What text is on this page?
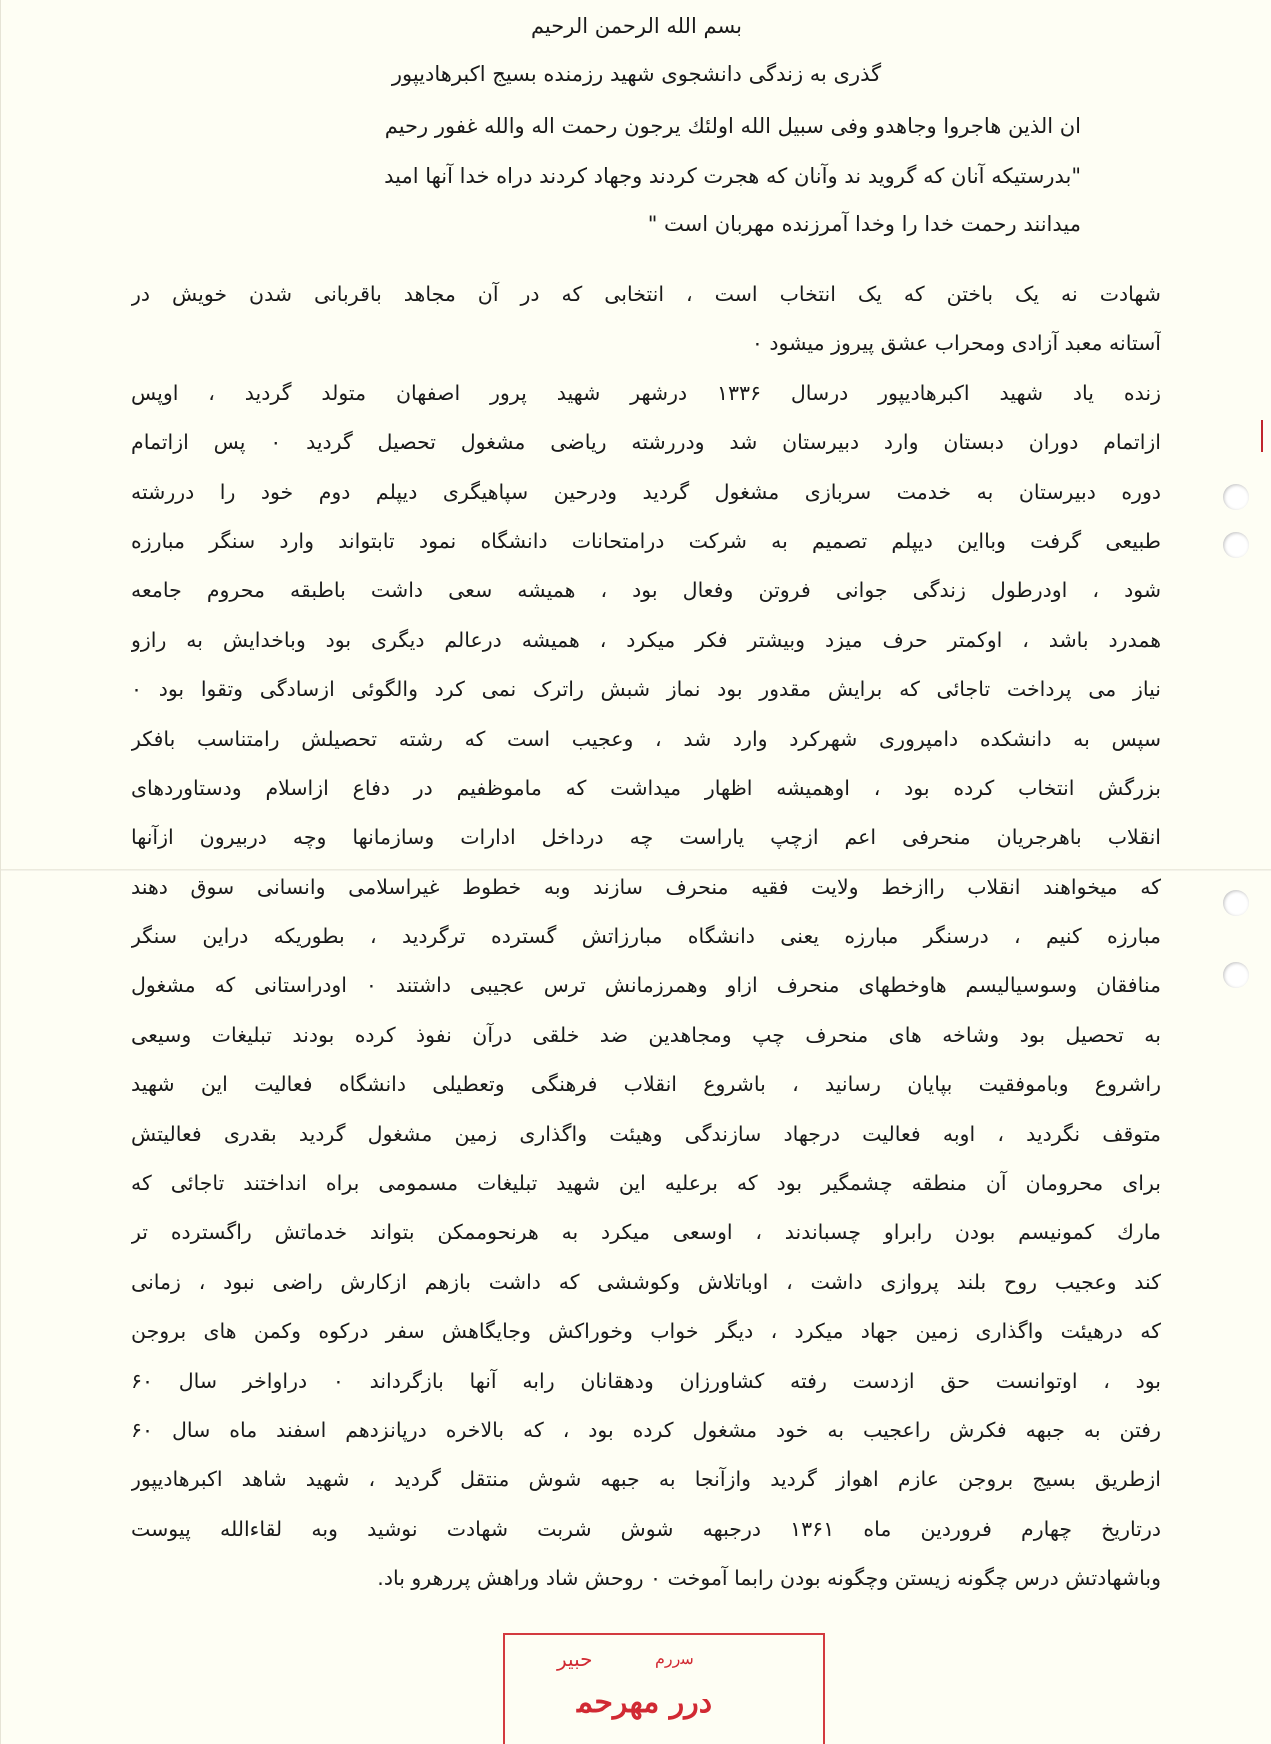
بسم الله الرحمن الرحیم
گذری به زندگی دانشجوی شهید رزمنده بسیج اکبرهادیپور
ان الذین هاجروا وجاهدو وفی سبیل الله اولئك یرجون رحمت اله والله غفور رحیم
"بدرستیکه آنان که گروید ند وآنان که هجرت کردند وجهاد کردند دراه خدا آنها امید
میدانند رحمت خدا را وخدا آمرزنده مهربان است "
شهادت نه یک باختن که یک انتخاب است ، انتخابی که در آن مجاهد باقربانی شدن خویش در
آستانه معبد آزادی ومحراب عشق پیروز میشود ۰
زنده یاد شهید اکبرهادیپور درسال ۱۳۳۶ درشهر شهید پرور اصفهان متولد گردید ، اوپس
ازاتمام دوران دبستان وارد دبیرستان شد ودررشته ریاضی مشغول تحصیل گردید ۰ پس ازاتمام
دوره دبیرستان به خدمت سربازی مشغول گردید ودرحین سپاهیگری دیپلم دوم خود را دررشته
طبیعی گرفت وبااین دیپلم تصمیم به شرکت درامتحانات دانشگاه نمود تابتواند وارد سنگر مبارزه
شود ، اودرطول زندگی جوانی فروتن وفعال بود ، همیشه سعی داشت باطبقه محروم جامعه
همدرد باشد ، اوکمتر حرف میزد وبیشتر فکر میکرد ، همیشه درعالم دیگری بود وباخدایش به رازو
نیاز می پرداخت تاجائی که برایش مقدور بود نماز شبش راترک نمی کرد والگوئی ازسادگی وتقوا بود ۰
سپس به دانشکده دامپروری شهرکرد وارد شد ، وعجیب است که رشته تحصیلش رامتناسب بافکر
بزرگش انتخاب کرده بود ، اوهمیشه اظهار میداشت که ماموظفیم در دفاع ازاسلام ودستاوردهای
انقلاب باهرجریان منحرفی اعم ازچپ یاراست چه درداخل ادارات وسازمانها وچه دربیرون ازآنها
که میخواهند انقلاب راازخط ولایت فقیه منحرف سازند وبه خطوط غیراسلامی وانسانی سوق دهند
مبارزه کنیم ، درسنگر مبارزه یعنی دانشگاه مبارزاتش گسترده ترگردید ، بطوریکه دراین سنگر
منافقان وسوسیالیسم هاوخطهای منحرف ازاو وهمرزمانش ترس عجیبی داشتند ۰ اودراستانی که مشغول
به تحصیل بود وشاخه های منحرف چپ ومجاهدین ضد خلقی درآن نفوذ کرده بودند تبلیغات وسیعی
راشروع وباموفقیت بپایان رسانید ، باشروع انقلاب فرهنگی وتعطیلی دانشگاه فعالیت این شهید
متوقف نگردید ، اوبه فعالیت درجهاد سازندگی وهیئت واگذاری زمین مشغول گردید بقدری فعالیتش
برای محرومان آن منطقه چشمگیر بود که برعلیه این شهید تبلیغات مسمومی براه انداختند تاجائی که
مارك کمونیسم بودن رابراو چسباندند ، اوسعی میکرد به هرنحوممکن بتواند خدماتش راگسترده تر
کند وعجیب روح بلند پروازی داشت ، اوباتلاش وکوششی که داشت بازهم ازکارش راضی نبود ، زمانی
که درهیئت واگذاری زمین جهاد میکرد ، دیگر خواب وخوراکش وجایگاهش سفر درکوه وکمن های بروجن
بود ، اوتوانست حق ازدست رفته کشاورزان ودهقانان رابه آنها بازگرداند ۰ دراواخر سال ۶۰
رفتن به جبهه فکرش راعجیب به خود مشغول کرده بود ، که بالاخره درپانزدهم اسفند ماه سال ۶۰
ازطریق بسیج بروجن عازم اهواز گردید وازآنجا به جبهه شوش منتقل گردید ، شهید شاهد اکبرهادیپور
درتاریخ چهارم فروردین ماه ۱۳۶۱ درجبهه شوش شربت شهادت نوشید وبه لقاءالله پیوست
وباشهادتش درس چگونه زیستن وچگونه بودن رابما آموخت ۰ روحش شاد وراهش پررهرو باد.
ﺣﺒﻴﺮ	ﺳﺭﺭﻡ
ﺩﺭﺭ ﻣﻬﺮﺣﻤ
